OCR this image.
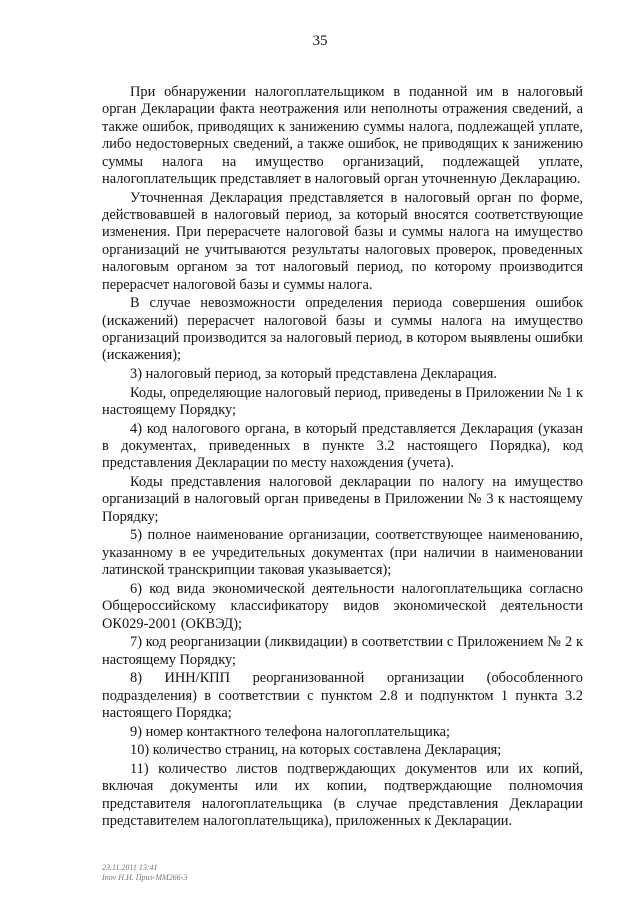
35

При обнаружении налогоплательщиком в поданной им в налоговый орган Декларации факта неотражения или неполноты отражения сведений, а также ошибок, приводящих к занижению суммы налога, подлежащей уплате, либо недостоверных сведений, а также ошибок, не приводящих к занижению суммы налога на имущество организаций, подлежащей уплате, налогоплательщик представляет в налоговый орган уточненную Декларацию.

Уточненная Декларация представляется в налоговый орган по форме, действовавшей в налоговый период, за который вносятся соответствующие изменения. При перерасчете налоговой базы и суммы налога на имущество организаций не учитываются результаты налоговых проверок, проведенных налоговым органом за тот налоговый период, по которому производится перерасчет налоговой базы и суммы налога.

В случае невозможности определения периода совершения ошибок (искажений) перерасчет налоговой базы и суммы налога на имущество организаций производится за налоговый период, в котором выявлены ошибки (искажения);

3) налоговый период, за который представлена Декларация.

Коды, определяющие налоговый период, приведены в Приложении № 1 к настоящему Порядку;

4) код налогового органа, в который представляется Декларация (указан в документах, приведенных в пункте 3.2 настоящего Порядка), код представления Декларации по месту нахождения (учета).

Коды представления налоговой декларации по налогу на имущество организаций в налоговый орган приведены в Приложении № 3 к настоящему Порядку;

5) полное наименование организации, соответствующее наименованию, указанному в ее учредительных документах (при наличии в наименовании латинской транскрипции таковая указывается);

6) код вида экономической деятельности налогоплательщика согласно Общероссийскому классификатору видов экономической деятельности ОК029-2001 (ОКВЭД);

7) код реорганизации (ликвидации) в соответствии с Приложением № 2 к настоящему Порядку;

8) ИНН/КПП реорганизованной организации (обособленного подразделения) в соответствии с пунктом 2.8 и подпунктом 1 пункта 3.2 настоящего Порядка;

9) номер контактного телефона налогоплательщика;

10) количество страниц, на которых составлена Декларация;

11) количество листов подтверждающих документов или их копий, включая документы или их копии, подтверждающие полномочия представителя налогоплательщика (в случае представления Декларации представителем налогоплательщика), приложенных к Декларации.

23.11.2011 13:41
Inov Н.И. Приз-ММ266-3
